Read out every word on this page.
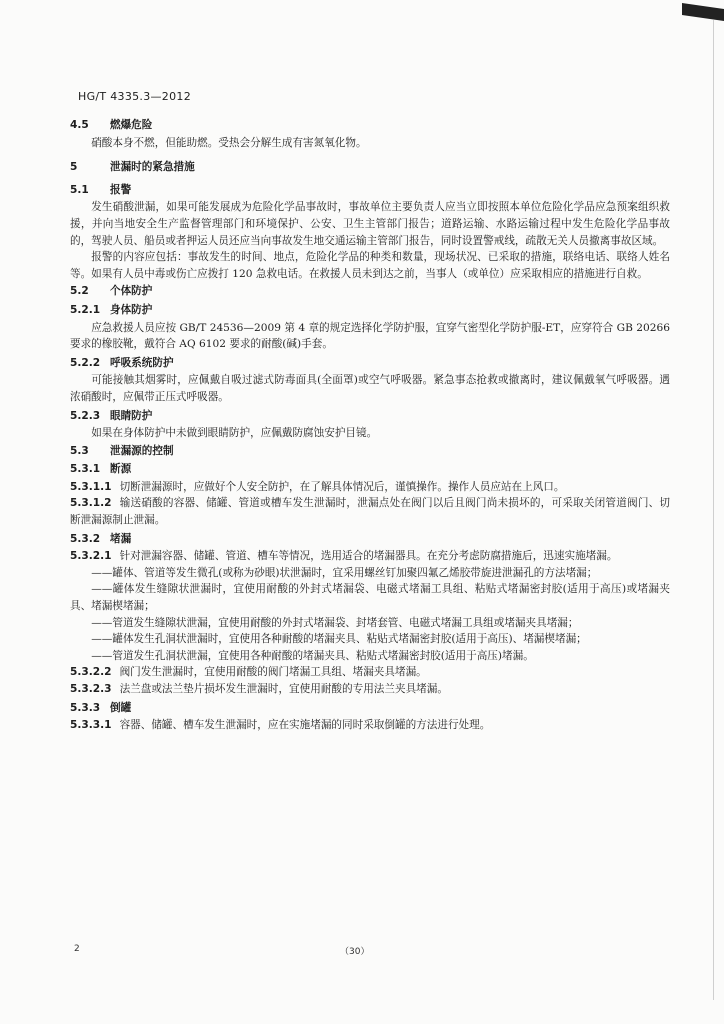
HG/T 4335.3—2012
4.5 燃爆危险

硝酸本身不燃，但能助燃。受热会分解生成有害氮氧化物。

5	泄漏时的紧急措施
5.1 报警

发生硝酸泄漏，如果可能发展成为危险化学品事故时，事故单位主要负责人应当立即按照本单位危险化学品应急预案组织救援，并向当地安全生产监督管理部门和环境保护、公安、卫生主管部门报告；道路运输、水路运输过程中发生危险化学品事故的，驾驶人员、船员或者押运人员还应当向事故发生地交通运输主管部门报告，同时设置警戒线，疏散无关人员撤离事故区域。

报警的内容应包括：事故发生的时间、地点，危险化学品的种类和数量，现场状况、已采取的措施，联络电话、联络人姓名等。如果有人员中毒或伤亡应拨打 120 急救电话。在救援人员未到达之前，当事人（或单位）应采取相应的措施进行自救。

5.2 个体防护
5.2.1 身体防护

应急救援人员应按 GB/T 24536—2009 第 4 章的规定选择化学防护服，宜穿气密型化学防护服-ET，应穿符合 GB 20266 要求的橡胶靴，戴符合 AQ 6102 要求的耐酸(碱)手套。

5.2.2 呼吸系统防护

可能接触其烟雾时，应佩戴自吸过滤式防毒面具(全面罩)或空气呼吸器。紧急事态抢救或撤离时，建议佩戴氧气呼吸器。遇浓硝酸时，应佩带正压式呼吸器。

5.2.3 眼睛防护

如果在身体防护中未做到眼睛防护，应佩戴防腐蚀安护目镜。

5.3 泄漏源的控制
5.3.1 断源

5.3.1.1 切断泄漏源时，应做好个人安全防护，在了解具体情况后，谨慎操作。操作人员应站在上风口。

5.3.1.2 输送硝酸的容器、储罐、管道或槽车发生泄漏时，泄漏点处在阀门以后且阀门尚未损坏的，可采取关闭管道阀门、切断泄漏源制止泄漏。

5.3.2 堵漏

5.3.2.1 针对泄漏容器、储罐、管道、槽车等情况，选用适合的堵漏器具。在充分考虑防腐措施后，迅速实施堵漏。

——罐体、管道等发生微孔(或称为砂眼)状泄漏时，宜采用螺丝钉加聚四氟乙烯胶带旋进泄漏孔的方法堵漏；

——罐体发生缝隙状泄漏时，宜使用耐酸的外封式堵漏袋、电磁式堵漏工具组、粘贴式堵漏密封胶(适用于高压)或堵漏夹具、堵漏楔堵漏；

——管道发生缝隙状泄漏，宜使用耐酸的外封式堵漏袋、封堵套管、电磁式堵漏工具组或堵漏夹具堵漏；

——罐体发生孔洞状泄漏时，宜使用各种耐酸的堵漏夹具、粘贴式堵漏密封胶(适用于高压)、堵漏楔堵漏；

——管道发生孔洞状泄漏，宜使用各种耐酸的堵漏夹具、粘贴式堵漏密封胶(适用于高压)堵漏。

5.3.2.2 阀门发生泄漏时，宜使用耐酸的阀门堵漏工具组、堵漏夹具堵漏。

5.3.2.3 法兰盘或法兰垫片损坏发生泄漏时，宜使用耐酸的专用法兰夹具堵漏。

5.3.3 倒罐

5.3.3.1 容器、储罐、槽车发生泄漏时，应在实施堵漏的同时采取倒罐的方法进行处理。

2	（30）
